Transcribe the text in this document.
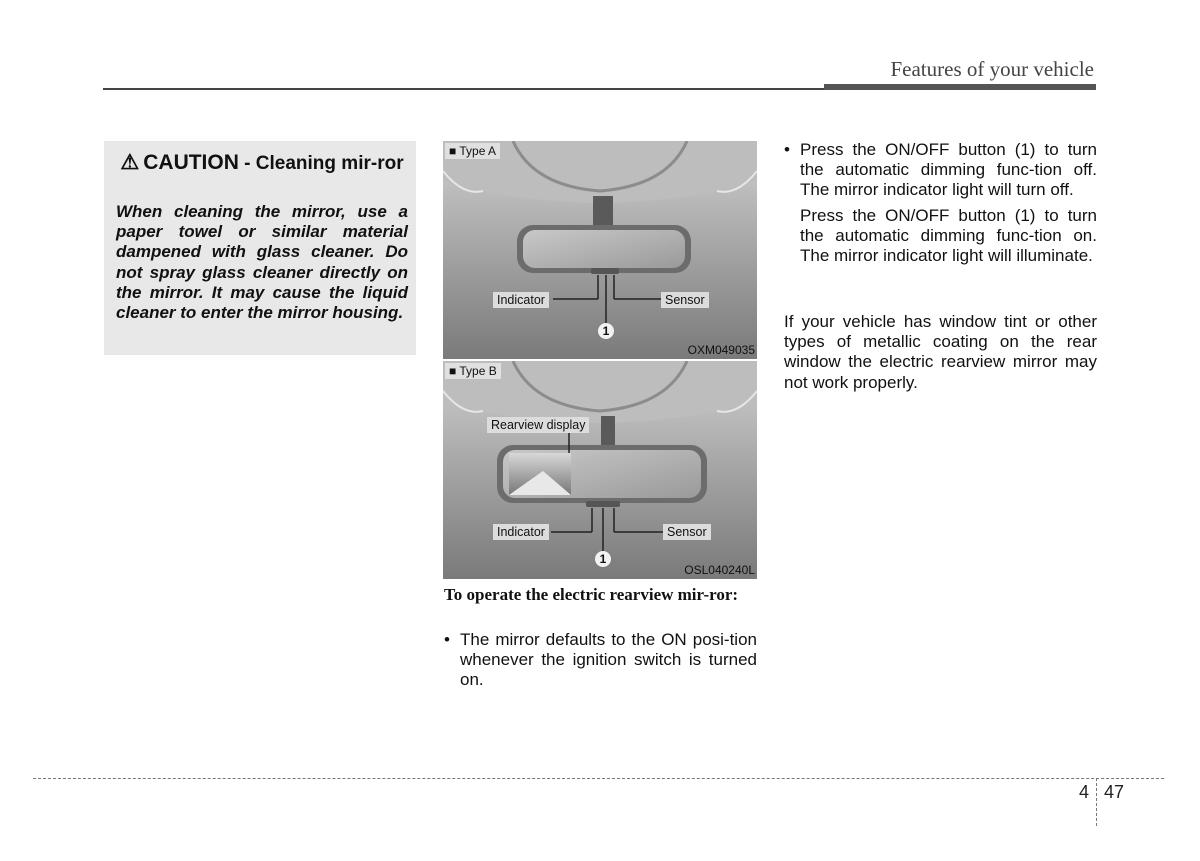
Features of your vehicle
⚠ CAUTION - Cleaning mir-ror
When cleaning the mirror, use a paper towel or similar material dampened with glass cleaner. Do not spray glass cleaner directly on the mirror. It may cause the liquid cleaner to enter the mirror housing.
■ Type A
Indicator	Sensor
1
OXM049035
■ Type B
Rearview display
Indicator	Sensor
1
OSL040240L
To operate the electric rearview mir-ror:
• The mirror defaults to the ON posi-tion whenever the ignition switch is turned on.
• Press the ON/OFF button (1) to turn the automatic dimming func-tion off. The mirror indicator light will turn off.
Press the ON/OFF button (1) to turn the automatic dimming func-tion on. The mirror indicator light will illuminate.
If your vehicle has window tint or other types of metallic coating on the rear window the electric rearview mirror may not work properly.
4 47
